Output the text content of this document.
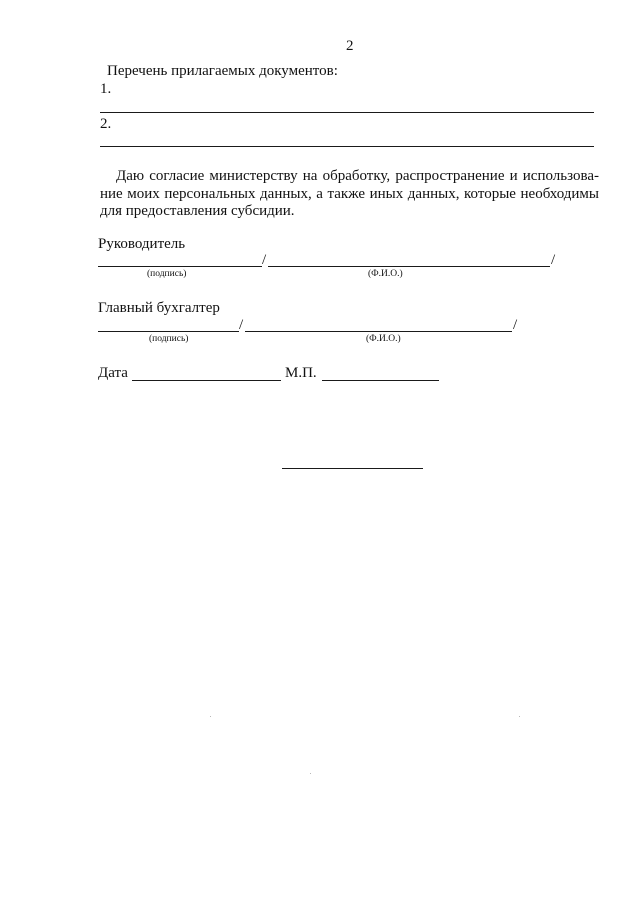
2
Перечень прилагаемых документов:
1.
2.
Даю согласие министерству на обработку, распространение и использова-
ние моих персональных данных, а также иных данных, которые необходимы
для предоставления субсидии.
Руководитель
/	/
(подпись)	(Ф.И.О.)
Главный бухгалтер
/	/
(подпись)	(Ф.И.О.)
Дата	М.П.
